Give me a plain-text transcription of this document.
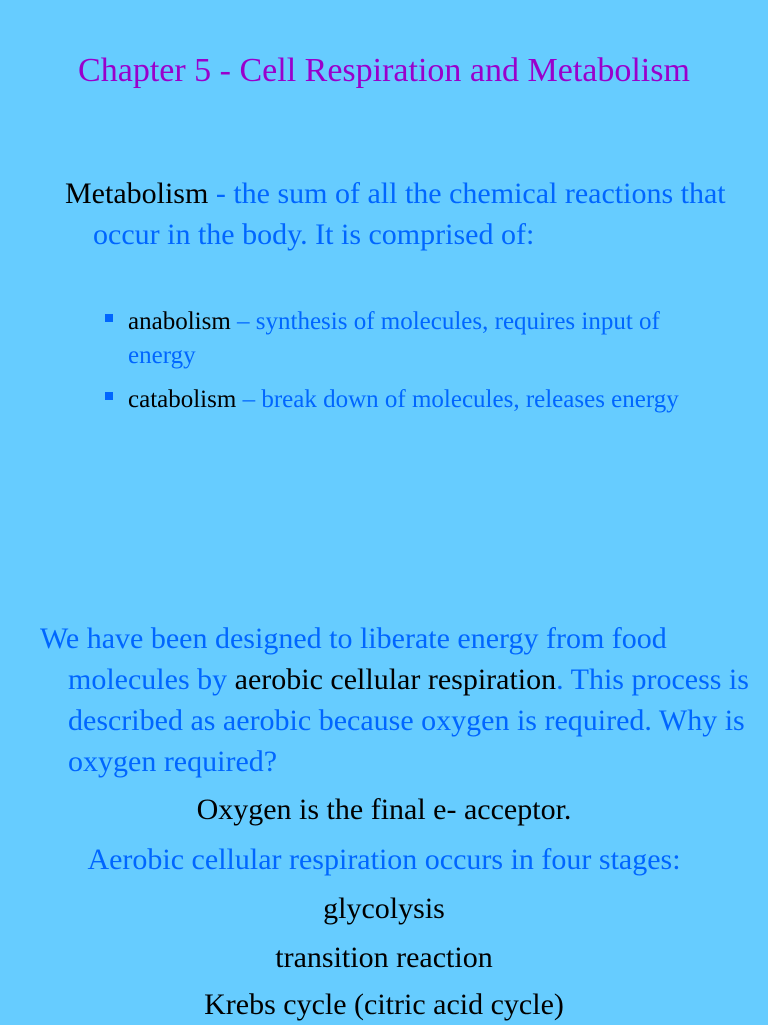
Chapter 5 - Cell Respiration and Metabolism
Metabolism - the sum of all the chemical reactions that occur in the body. It is comprised of:
anabolism – synthesis of molecules, requires input of energy
catabolism – break down of molecules, releases energy
We have been designed to liberate energy from food molecules by aerobic cellular respiration. This process is described as aerobic because oxygen is required. Why is oxygen required?
Oxygen is the final e- acceptor.
Aerobic cellular respiration occurs in four stages:
glycolysis
transition reaction
Krebs cycle (citric acid cycle)
